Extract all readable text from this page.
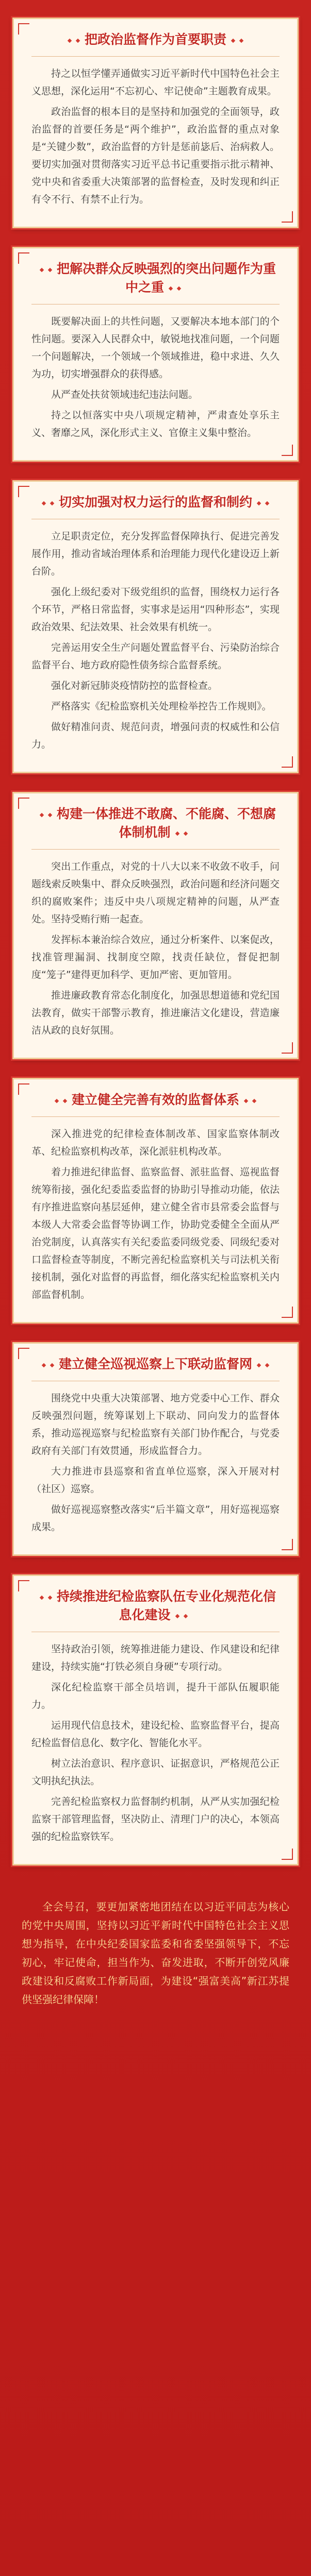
把政治监督作为首要职责

持之以恒学懂弄通做实习近平新时代中国特色社会主义思想，深化运用“不忘初心、牢记使命”主题教育成果。

政治监督的根本目的是坚持和加强党的全面领导，政治监督的首要任务是“两个维护”，政治监督的重点对象是“关键少数”，政治监督的方针是惩前毖后、治病救人。要切实加强对贯彻落实习近平总书记重要指示批示精神、党中央和省委重大决策部署的监督检查，及时发现和纠正有令不行、有禁不止行为。

把解决群众反映强烈的突出问题作为重中之重

既要解决面上的共性问题，又要解决本地本部门的个性问题。要深入人民群众中，敏锐地找准问题，一个问题一个问题解决，一个领域一个领域推进，稳中求进、久久为功，切实增强群众的获得感。

从严查处扶贫领域违纪违法问题。

持之以恒落实中央八项规定精神，严肃查处享乐主义、奢靡之风，深化形式主义、官僚主义集中整治。

切实加强对权力运行的监督和制约

立足职责定位，充分发挥监督保障执行、促进完善发展作用，推动省域治理体系和治理能力现代化建设迈上新台阶。

强化上级纪委对下级党组织的监督，围绕权力运行各个环节，严格日常监督，实事求是运用“四种形态”，实现政治效果、纪法效果、社会效果有机统一。

完善运用安全生产问题处置监督平台、污染防治综合监督平台、地方政府隐性债务综合监督系统。

强化对新冠肺炎疫情防控的监督检查。

严格落实《纪检监察机关处理检举控告工作规则》。

做好精准问责、规范问责，增强问责的权威性和公信力。

构建一体推进不敢腐、不能腐、不想腐体制机制

突出工作重点，对党的十八大以来不收敛不收手，问题线索反映集中、群众反映强烈，政治问题和经济问题交织的腐败案件；违反中央八项规定精神的问题，从严查处。坚持受贿行贿一起查。

发挥标本兼治综合效应，通过分析案件、以案促改，找准管理漏洞、找制度空隙，找责任缺位，督促把制度“笼子”建得更加科学、更加严密、更加管用。

推进廉政教育常态化制度化，加强思想道德和党纪国法教育，做实干部警示教育，推进廉洁文化建设，营造廉洁从政的良好氛围。

建立健全完善有效的监督体系

深入推进党的纪律检查体制改革、国家监察体制改革、纪检监察机构改革，深化派驻机构改革。

着力推进纪律监督、监察监督、派驻监督、巡视监督统筹衔接，强化纪委监委监督的协助引导推动功能，依法有序推进监察向基层延伸，建立健全省市县常委会监督与本级人大常委会监督等协调工作，协助党委健全全面从严治党制度，认真落实有关纪委监委同级党委、同级纪委对口监督检查等制度，不断完善纪检监察机关与司法机关衔接机制，强化对监督的再监督，细化落实纪检监察机关内部监督机制。

建立健全巡视巡察上下联动监督网

围绕党中央重大决策部署、地方党委中心工作、群众反映强烈问题，统筹谋划上下联动、同向发力的监督体系，推动巡视巡察与纪检监察有关部门协作配合，与党委政府有关部门有效贯通，形成监督合力。

大力推进市县巡察和省直单位巡察，深入开展对村（社区）巡察。

做好巡视巡察整改落实“后半篇文章”，用好巡视巡察成果。

持续推进纪检监察队伍专业化规范化信息化建设

坚持政治引领，统筹推进能力建设、作风建设和纪律建设，持续实施“打铁必须自身硬”专项行动。

深化纪检监察干部全员培训，提升干部队伍履职能力。

运用现代信息技术，建设纪检、监察监督平台，提高纪检监督信息化、数字化、智能化水平。

树立法治意识、程序意识、证据意识，严格规范公正文明执纪执法。

完善纪检监察权力监督制约机制，从严从实加强纪检监察干部管理监督，坚决防止、清理门户的决心，本领高强的纪检监察铁军。

全会号召，要更加紧密地团结在以习近平同志为核心的党中央周围，坚持以习近平新时代中国特色社会主义思想为指导，在中央纪委国家监委和省委坚强领导下，不忘初心，牢记使命，担当作为、奋发进取，不断开创党风廉政建设和反腐败工作新局面，为建设“强富美高”新江苏提供坚强纪律保障！
